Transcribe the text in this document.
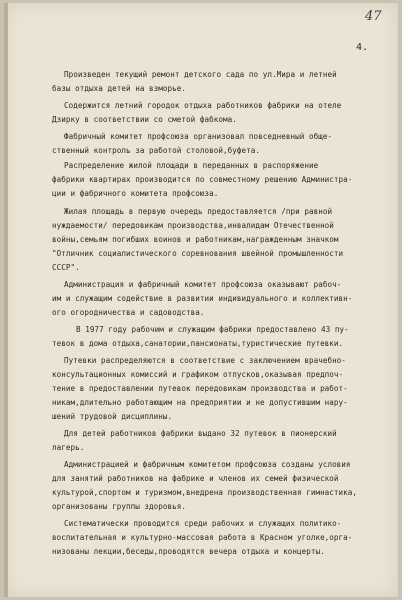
47
4.
Произведен текущий ремонт детского сада по ул.Мира и летней
базы отдыха детей на взморье.
Содержится летний городок отдыха работников фабрики на отеле
Дзирку в соответствии со сметой фабкома.
Фабричный комитет профсоюза организовал повседневный обще-
ственный контроль за работой столовой,буфета.
Распределение жилой площади в переданных в распоряжение
фабрики квартирах производится по совместному решению Администра-
ции и фабричного комитета профсоюза.
Жилая площадь в первую очередь предоставляется /при равной
нуждаемости/ передовикам производства,инвалидам Отечественной
войны,семьям погибших воинов и работникам,награжденным значком
"Отличник социалистического соревнования швейной промышленности
СССР".
Администрация и фабричный комитет профсоюза оказывают рабоч-
им и служащим содействие в развитии индивидуального и коллективн-
ого огородничества и садоводства.
В 1977 году рабочим и служащим фабрики предоставлено 43 пу-
тевок в дома отдыха,санатории,пансионаты,туристические путевки.
Путевки распределяются в соответствие с заключением врачебно-
консультационных комиссий и графиком отпусков,оказывая предпоч-
тение в предоставлении путевок передовикам производства и работ-
никам,длительно работающим на предприятии и не допустившим нару-
шений трудовой дисциплины.
Для детей работников фабрики выдано 32 путевок в пионерский
лагерь.
Администрацией и фабричным комитетом профсоюза созданы условия
для занятий работников на фабрике и членов их семей физической
культурой,спортом и туризмом,внедрена производственная гимнастика,
организованы группы здоровья.
Систематически проводится среди рабочих и служащих политико-
воспитательная и культурно-массовая работа в Красном уголке,орга-
низованы лекции,беседы,проводятся вечера отдыха и концерты.
